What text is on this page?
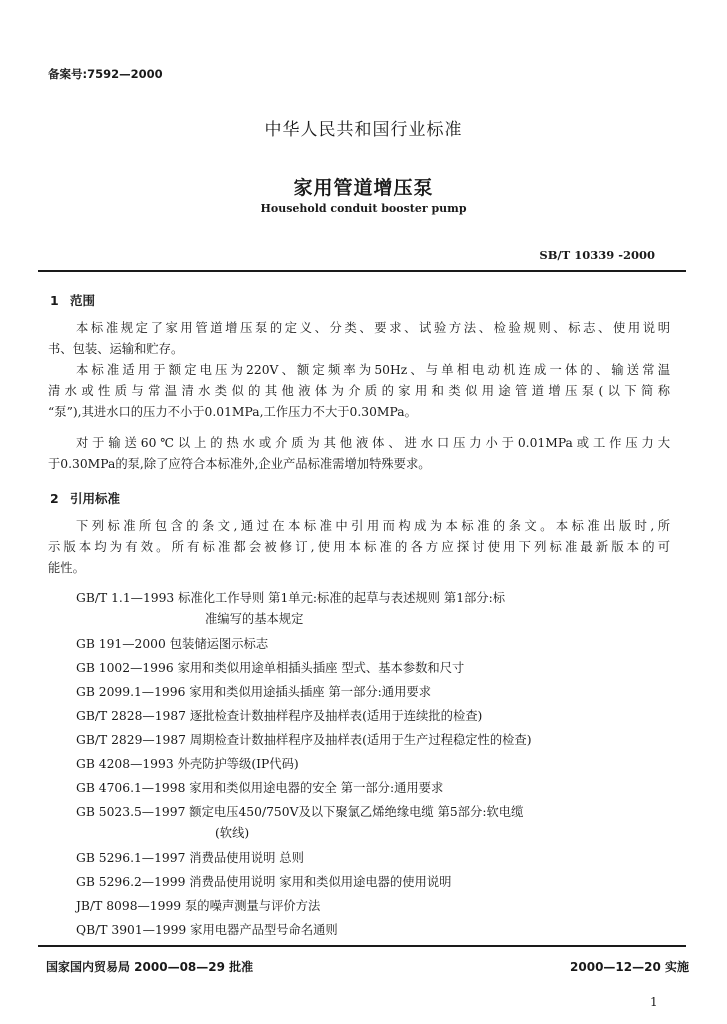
备案号:7592—2000
中华人民共和国行业标准
家用管道增压泵
Household conduit booster pump
SB/T 10339 -2000
1 范围
本标准规定了家用管道增压泵的定义、分类、要求、试验方法、检验规则、标志、使用说明
书、包装、运输和贮存。
本标准适用于额定电压为220V、额定频率为50Hz、与单相电动机连成一体的、输送常温
清水或性质与常温清水类似的其他液体为介质的家用和类似用途管道增压泵(以下简称
“泵”),其进水口的压力不小于0.01MPa,工作压力不大于0.30MPa。
对于输送60℃以上的热水或介质为其他液体、进水口压力小于0.01MPa或工作压力大
于0.30MPa的泵,除了应符合本标准外,企业产品标准需增加特殊要求。
2 引用标准
下列标准所包含的条文,通过在本标准中引用而构成为本标准的条文。本标准出版时,所
示版本均为有效。所有标准都会被修订,使用本标准的各方应探讨使用下列标准最新版本的可
能性。
GB/T 1.1—1993 标准化工作导则 第1单元:标准的起草与表述规则 第1部分:标
准编写的基本规定
GB 191—2000 包装储运图示标志
GB 1002—1996 家用和类似用途单相插头插座 型式、基本参数和尺寸
GB 2099.1—1996 家用和类似用途插头插座 第一部分:通用要求
GB/T 2828—1987 逐批检查计数抽样程序及抽样表(适用于连续批的检查)
GB/T 2829—1987 周期检查计数抽样程序及抽样表(适用于生产过程稳定性的检查)
GB 4208—1993 外壳防护等级(IP代码)
GB 4706.1—1998 家用和类似用途电器的安全 第一部分:通用要求
GB 5023.5—1997 额定电压450/750V及以下聚氯乙烯绝缘电缆 第5部分:软电缆
(软线)
GB 5296.1—1997 消费品使用说明 总则
GB 5296.2—1999 消费品使用说明 家用和类似用途电器的使用说明
JB/T 8098—1999 泵的噪声测量与评价方法
QB/T 3901—1999 家用电器产品型号命名通则
国家国内贸易局 2000—08—29 批准	2000—12—20 实施
1
